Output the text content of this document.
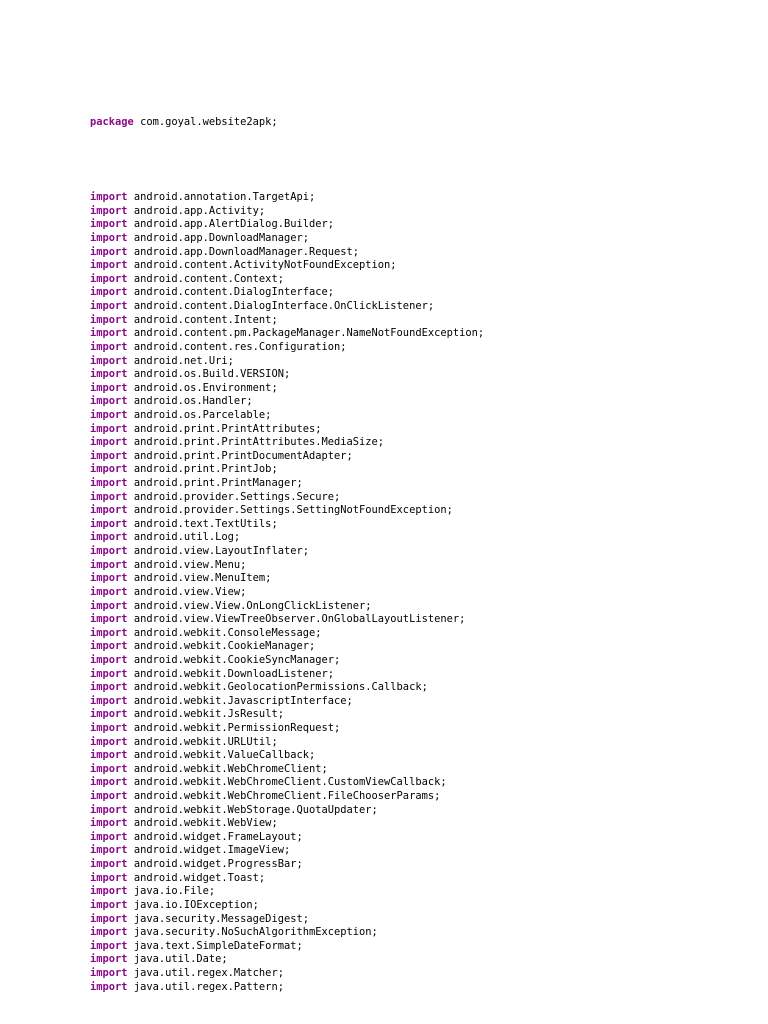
package com.goyal.website2apk;

import android.annotation.TargetApi;
import android.app.Activity;
import android.app.AlertDialog.Builder;
import android.app.DownloadManager;
import android.app.DownloadManager.Request;
import android.content.ActivityNotFoundException;
import android.content.Context;
import android.content.DialogInterface;
import android.content.DialogInterface.OnClickListener;
import android.content.Intent;
import android.content.pm.PackageManager.NameNotFoundException;
import android.content.res.Configuration;
import android.net.Uri;
import android.os.Build.VERSION;
import android.os.Environment;
import android.os.Handler;
import android.os.Parcelable;
import android.print.PrintAttributes;
import android.print.PrintAttributes.MediaSize;
import android.print.PrintDocumentAdapter;
import android.print.PrintJob;
import android.print.PrintManager;
import android.provider.Settings.Secure;
import android.provider.Settings.SettingNotFoundException;
import android.text.TextUtils;
import android.util.Log;
import android.view.LayoutInflater;
import android.view.Menu;
import android.view.MenuItem;
import android.view.View;
import android.view.View.OnLongClickListener;
import android.view.ViewTreeObserver.OnGlobalLayoutListener;
import android.webkit.ConsoleMessage;
import android.webkit.CookieManager;
import android.webkit.CookieSyncManager;
import android.webkit.DownloadListener;
import android.webkit.GeolocationPermissions.Callback;
import android.webkit.JavascriptInterface;
import android.webkit.JsResult;
import android.webkit.PermissionRequest;
import android.webkit.URLUtil;
import android.webkit.ValueCallback;
import android.webkit.WebChromeClient;
import android.webkit.WebChromeClient.CustomViewCallback;
import android.webkit.WebChromeClient.FileChooserParams;
import android.webkit.WebStorage.QuotaUpdater;
import android.webkit.WebView;
import android.widget.FrameLayout;
import android.widget.ImageView;
import android.widget.ProgressBar;
import android.widget.Toast;
import java.io.File;
import java.io.IOException;
import java.security.MessageDigest;
import java.security.NoSuchAlgorithmException;
import java.text.SimpleDateFormat;
import java.util.Date;
import java.util.regex.Matcher;
import java.util.regex.Pattern;
